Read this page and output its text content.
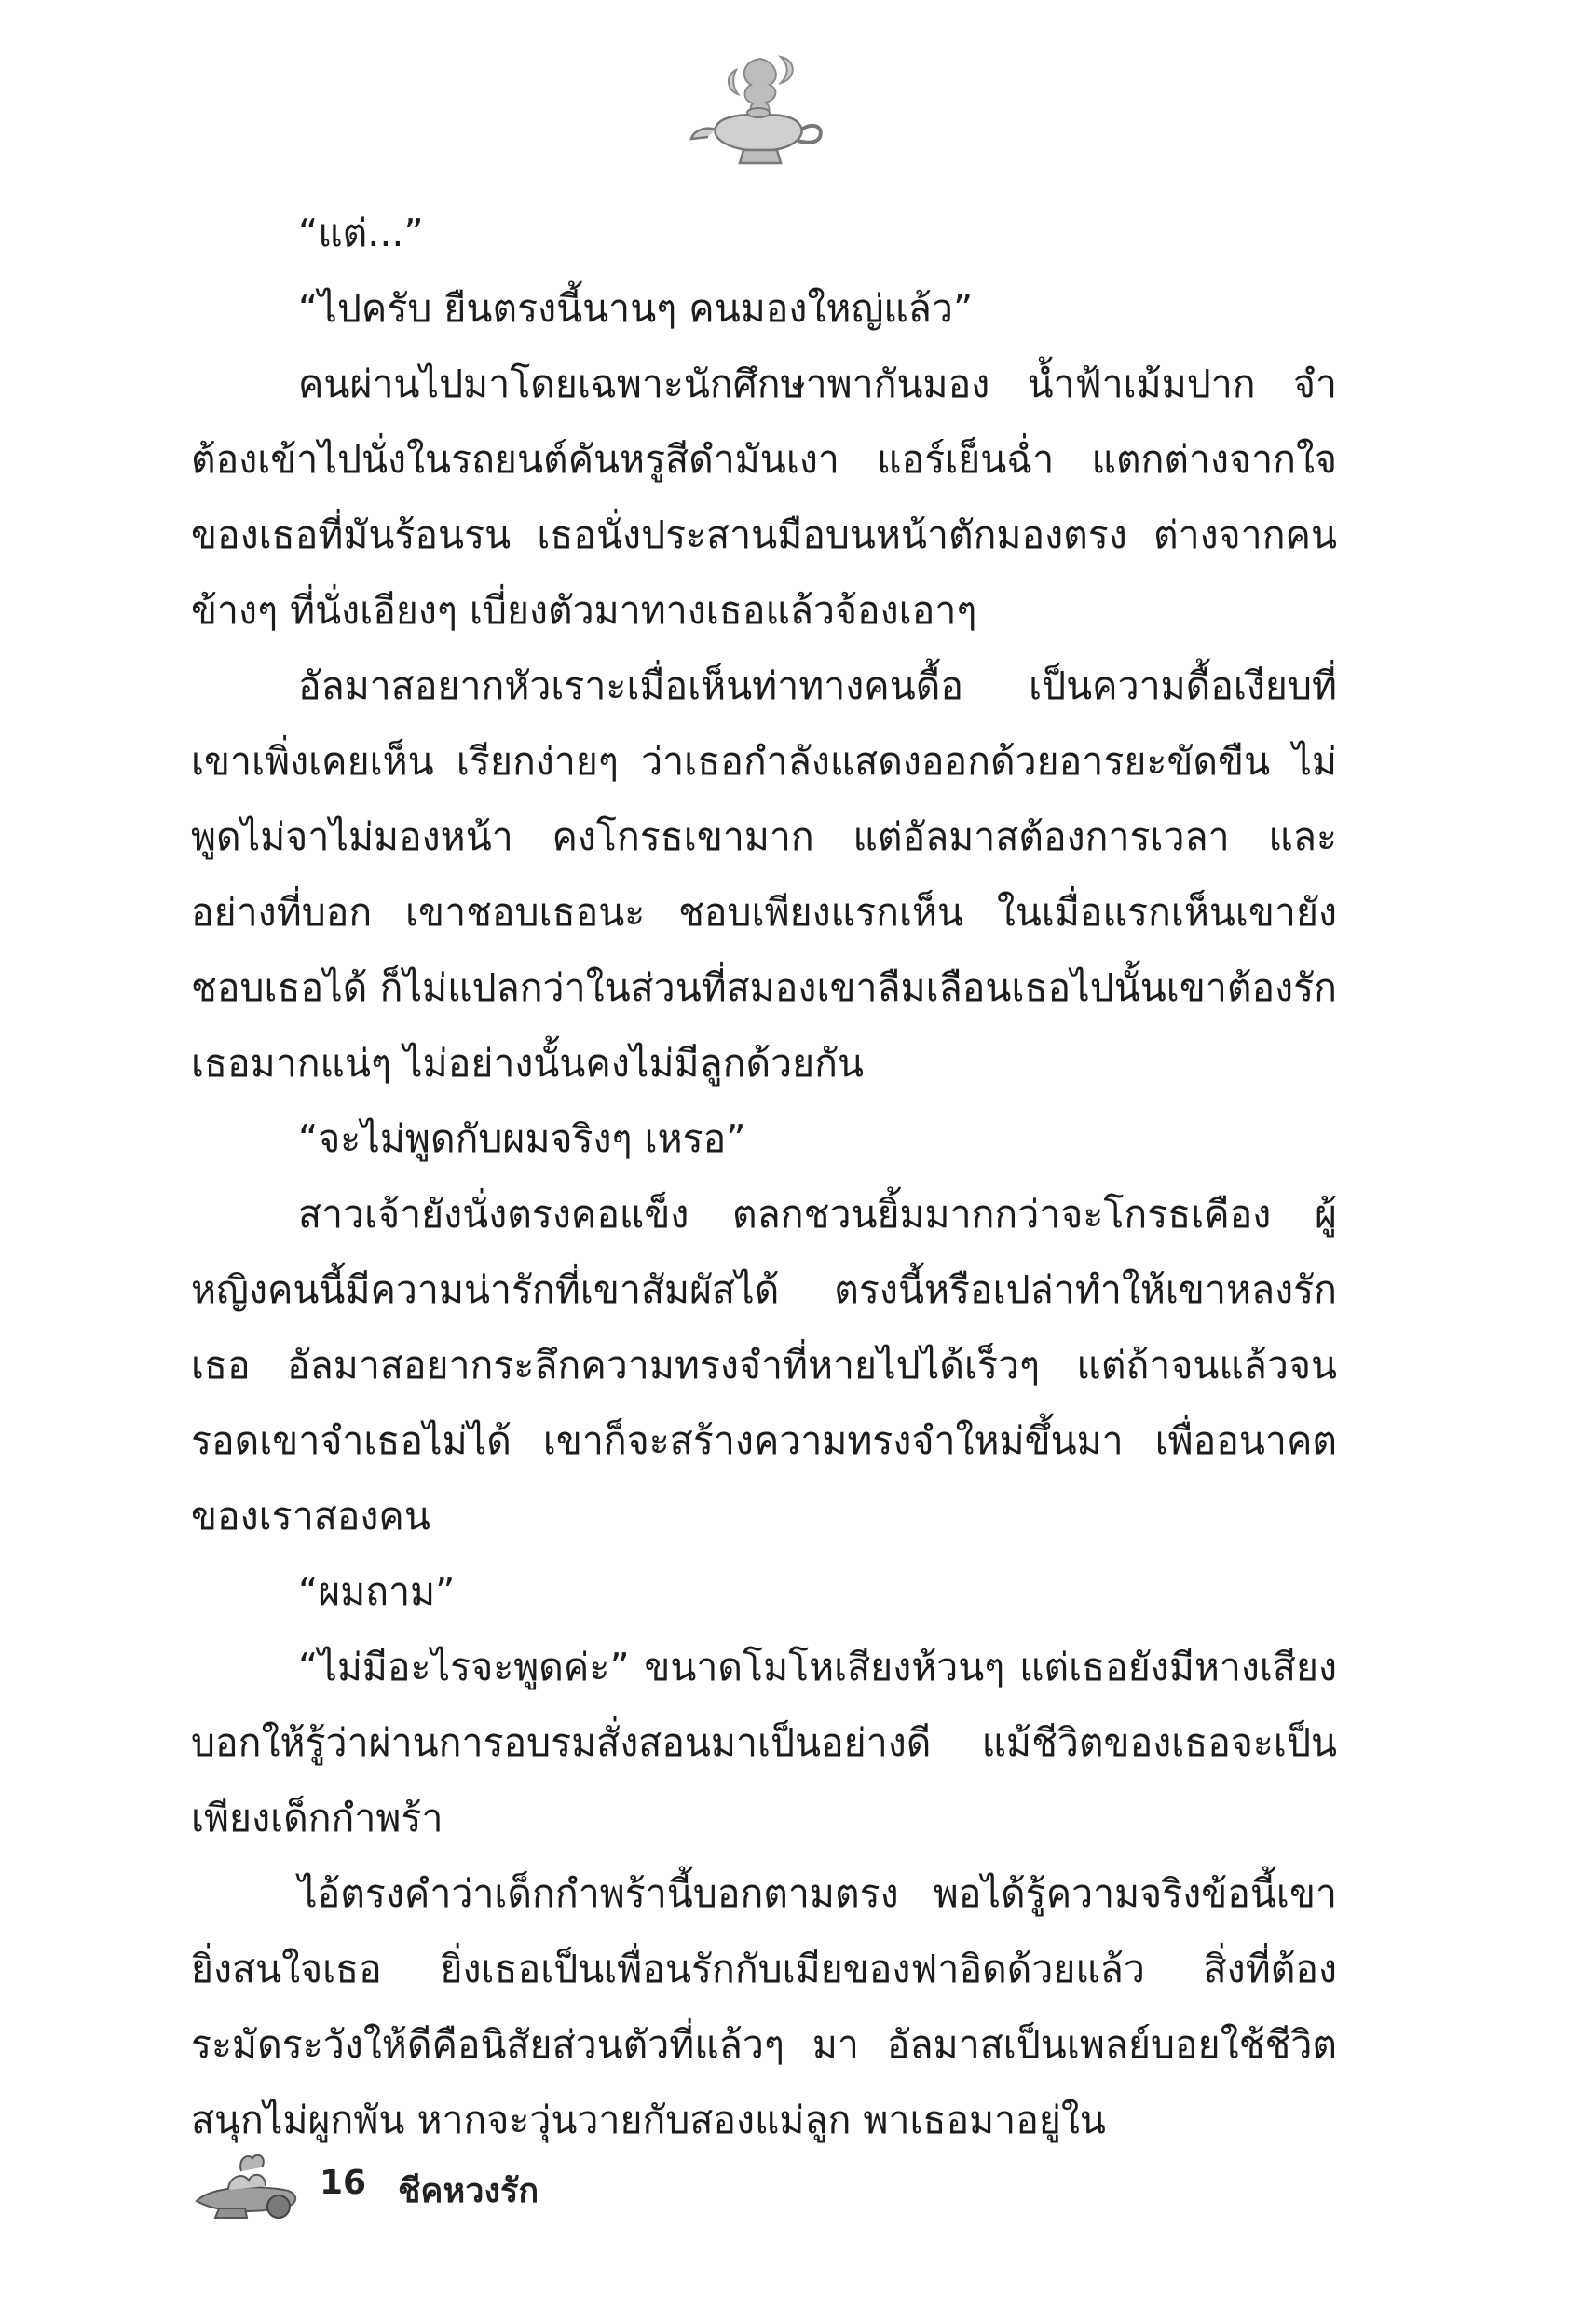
“แต่...”

“ไปครับ ยืนตรงนี้นานๆ คนมองใหญ่แล้ว”

คนผ่านไปมาโดยเฉพาะนักศึกษาพากันมอง น้ำฟ้าเม้มปาก จำต้องเข้าไปนั่งในรถยนต์คันหรูสีดำมันเงา แอร์เย็นฉ่ำ แตกต่างจากใจของเธอที่มันร้อนรน เธอนั่งประสานมือบนหน้าตักมองตรง ต่างจากคนข้างๆ ที่นั่งเอียงๆ เบี่ยงตัวมาทางเธอแล้วจ้องเอาๆ

อัลมาสอยากหัวเราะเมื่อเห็นท่าทางคนดื้อ เป็นความดื้อเงียบที่เขาเพิ่งเคยเห็น เรียกง่ายๆ ว่าเธอกำลังแสดงออกด้วยอารยะขัดขืน ไม่พูดไม่จาไม่มองหน้า คงโกรธเขามาก แต่อัลมาสต้องการเวลา และอย่างที่บอก เขาชอบเธอนะ ชอบเพียงแรกเห็น ในเมื่อแรกเห็นเขายังชอบเธอได้ ก็ไม่แปลกว่าในส่วนที่สมองเขาลืมเลือนเธอไปนั้นเขาต้องรักเธอมากแน่ๆ ไม่อย่างนั้นคงไม่มีลูกด้วยกัน

“จะไม่พูดกับผมจริงๆ เหรอ”

สาวเจ้ายังนั่งตรงคอแข็ง ตลกชวนยิ้มมากกว่าจะโกรธเคือง ผู้หญิงคนนี้มีความน่ารักที่เขาสัมผัสได้ ตรงนี้หรือเปล่าทำให้เขาหลงรักเธอ อัลมาสอยากระลึกความทรงจำที่หายไปได้เร็วๆ แต่ถ้าจนแล้วจนรอดเขาจำเธอไม่ได้ เขาก็จะสร้างความทรงจำใหม่ขึ้นมา เพื่ออนาคตของเราสองคน

“ผมถาม”

“ไม่มีอะไรจะพูดค่ะ” ขนาดโมโหเสียงห้วนๆ แต่เธอยังมีหางเสียงบอกให้รู้ว่าผ่านการอบรมสั่งสอนมาเป็นอย่างดี แม้ชีวิตของเธอจะเป็นเพียงเด็กกำพร้า

ไอ้ตรงคำว่าเด็กกำพร้านี้บอกตามตรง พอได้รู้ความจริงข้อนี้เขายิ่งสนใจเธอ ยิ่งเธอเป็นเพื่อนรักกับเมียของฟาอิดด้วยแล้ว สิ่งที่ต้องระมัดระวังให้ดีคือนิสัยส่วนตัวที่แล้วๆ มา อัลมาสเป็นเพลย์บอยใช้ชีวิตสนุกไม่ผูกพัน หากจะวุ่นวายกับสองแม่ลูก พาเธอมาอยู่ใน

16 ชีคหวงรัก
